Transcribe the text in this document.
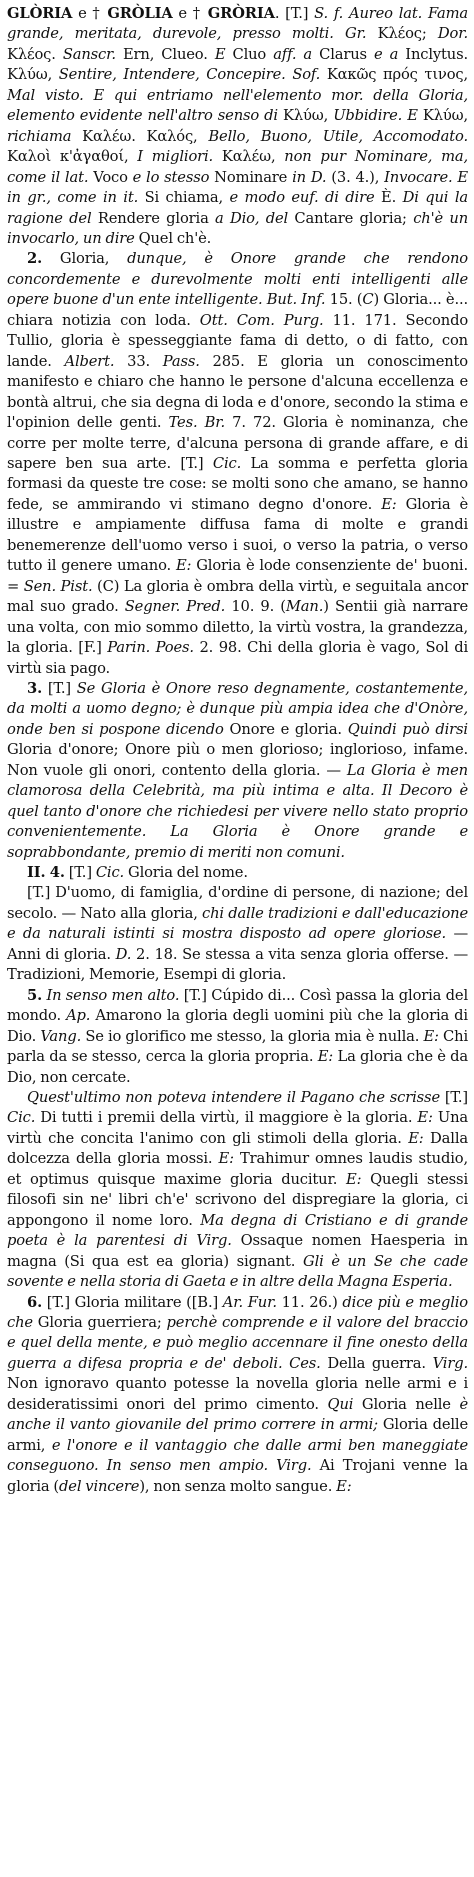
GLÒRIA e † GRÒLIA e † GRÒRIA. [T.] S. f. Aureo lat. Fama grande, meritata, durevole, presso molti. Gr. Κλέος; Dor. Κλέος. Sanscr. Ern, Clueo. E Cluo aff. a Clarus e a Inclytus. Κλύω, Sentire, Intendere, Concepire. Sof. Κακῶς πρός τινος, Mal visto. E qui entriamo nell'elemento mor. della Gloria, elemento evidente nell'altro senso di Κλύω, Ubbidire. E Κλύω, richiama Καλέω. Καλός, Bello, Buono, Utile, Accomodato. Καλοὶ κ'ἀγαθοί, I migliori. Καλέω, non pur Nominare, ma, come il lat. Voco e lo stesso Nominare in D. (3. 4.), Invocare. E in gr., come in it. Si chiama, e modo euf. di dire È. Di qui la ragione del Rendere gloria a Dio, del Cantare gloria; ch'è un invocarlo, un dire Quel ch'è.

2. Gloria, dunque, è Onore grande che rendono concordemente e durevolmente molti enti intelligenti alle opere buone d'un ente intelligente. But. Inf. 15. (C) Gloria... è... chiara notizia con loda. Ott. Com. Purg. 11. 171. Secondo Tullio, gloria è spesseggiante fama di detto, o di fatto, con lande. Albert. 33. Pass. 285. E gloria un conoscimento manifesto e chiaro che hanno le persone d'alcuna eccellenza e bontà altrui, che sia degna di loda e d'onore, secondo la stima e l'opinion delle genti. Tes. Br. 7. 72. Gloria è nominanza, che corre per molte terre, d'alcuna persona di grande affare, e di sapere ben sua arte. [T.] Cic. La somma e perfetta gloria formasi da queste tre cose: se molti sono che amano, se hanno fede, se ammirando vi stimano degno d'onore. E: Gloria è illustre e ampiamente diffusa fama di molte e grandi benemerenze dell'uomo verso i suoi, o verso la patria, o verso tutto il genere umano. E: Gloria è lode consenziente de' buoni. = Sen. Pist. (C) La gloria è ombra della virtù, e seguitala ancor mal suo grado. Segner. Pred. 10. 9. (Man.) Sentii già narrare una volta, con mio sommo diletto, la virtù vostra, la grandezza, la gloria. [F.] Parin. Poes. 2. 98. Chi della gloria è vago, Sol di virtù sia pago.

3. [T.] Se Gloria è Onore reso degnamente, costantemente, da molti a uomo degno; è dunque più ampia idea che d'Onòre, onde ben si pospone dicendo Onore e gloria. Quindi può dirsi Gloria d'onore; Onore più o men glorioso; inglorioso, infame. Non vuole gli onori, contento della gloria. — La Gloria è men clamorosa della Celebrità, ma più intima e alta. Il Decoro è quel tanto d'onore che richiedesi per vivere nello stato proprio convenientemente. La Gloria è Onore grande e soprabbondante, premio di meriti non comuni.

II. 4. [T.] Cic. Gloria del nome.

[T.] D'uomo, di famiglia, d'ordine di persone, di nazione; del secolo. — Nato alla gloria, chi dalle tradizioni e dall'educazione e da naturali istinti si mostra disposto ad opere gloriose. — Anni di gloria. D. 2. 18. Se stessa a vita senza gloria offerse. — Tradizioni, Memorie, Esempi di gloria.

5. In senso men alto. [T.] Cúpido di... Così passa la gloria del mondo. Ap. Amarono la gloria degli uomini più che la gloria di Dio. Vang. Se io glorifico me stesso, la gloria mia è nulla. E: Chi parla da se stesso, cerca la gloria propria. E: La gloria che è da Dio, non cercate.

Quest'ultimo non poteva intendere il Pagano che scrisse [T.] Cic. Di tutti i premii della virtù, il maggiore è la gloria. E: Una virtù che concita l'animo con gli stimoli della gloria. E: Dalla dolcezza della gloria mossi. E: Trahimur omnes laudis studio, et optimus quisque maxime gloria ducitur. E: Quegli stessi filosofi sin ne' libri ch'e' scrivono del dispregiare la gloria, ci appongono il nome loro. Ma degna di Cristiano e di grande poeta è la parentesi di Virg. Ossaque nomen Haesperia in magna (Si qua est ea gloria) signant. Gli è un Se che cade sovente e nella storia di Gaeta e in altre della Magna Esperia.

6. [T.] Gloria militare ([B.] Ar. Fur. 11. 26.) dice più e meglio che Gloria guerriera; perchè comprende e il valore del braccio e quel della mente, e può meglio accennare il fine onesto della guerra a difesa propria e de' deboli. Ces. Della guerra. Virg. Non ignoravo quanto potesse la novella gloria nelle armi e i desideratissimi onori del primo cimento. Qui Gloria nelle è anche il vanto giovanile del primo correre in armi; Gloria delle armi, e l'onore e il vantaggio che dalle armi ben maneggiate conseguono. In senso men ampio. Virg. Ai Trojani venne la gloria (del vincere), non senza molto sangue. E:
